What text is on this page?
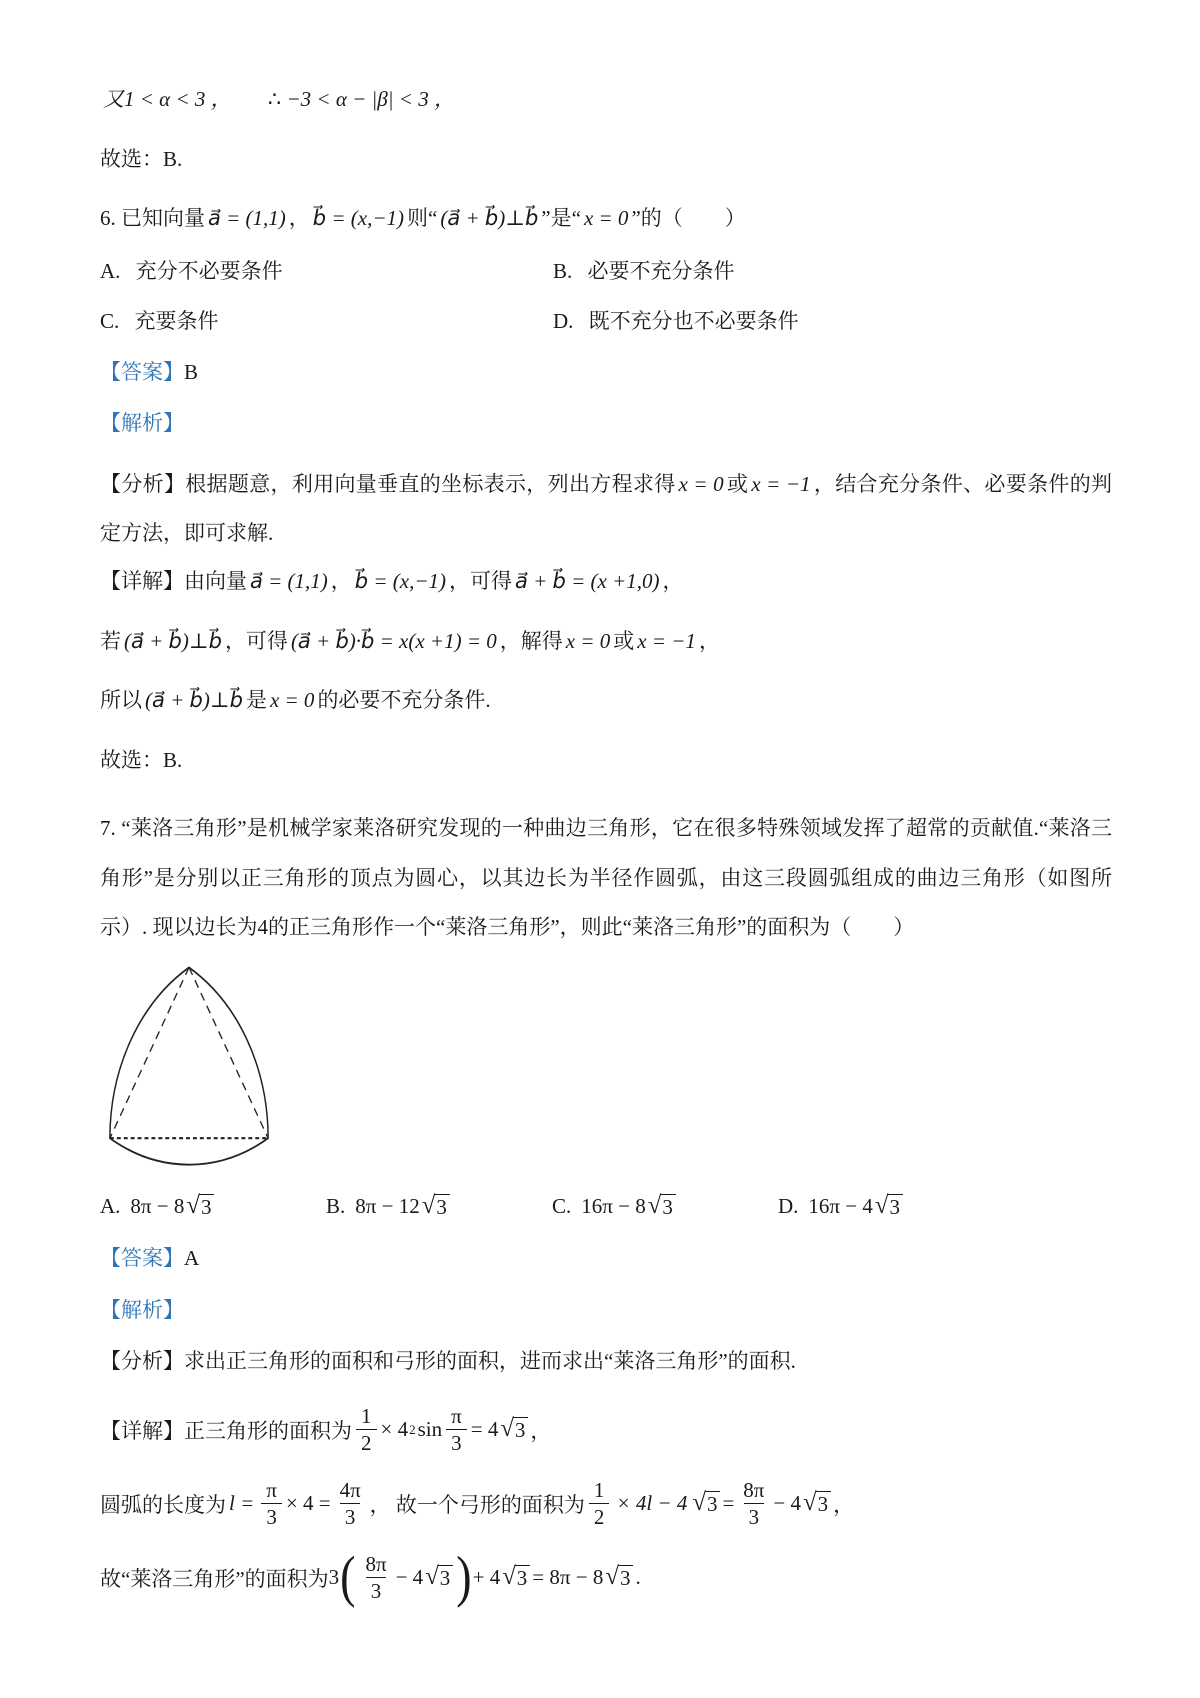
又1 < α < 3 ， ∴ −3 < α − |β| < 3 ，
故选：B.
6. 已知向量 a⃗ = (1,1) ， b⃗ = (x,−1) 则“ (a⃗ + b⃗)⊥b⃗ ”是“ x = 0 ”的（　　）
A. 充分不必要条件	B. 必要不充分条件
C. 充要条件	D. 既不充分也不必要条件
【答案】B
【解析】
【分析】根据题意，利用向量垂直的坐标表示，列出方程求得 x = 0 或 x = −1 ，结合充分条件、必要条件的判定方法，即可求解.
【详解】由向量 a⃗ = (1,1) ， b⃗ = (x,−1) ，可得 a⃗ + b⃗ = (x +1,0) ，
若 (a⃗ + b⃗)⊥b⃗ ，可得 (a⃗ + b⃗)·b⃗ = x(x +1) = 0 ，解得 x = 0 或 x = −1 ，
所以 (a⃗ + b⃗)⊥b⃗ 是 x = 0 的必要不充分条件.
故选：B.
7. “莱洛三角形”是机械学家莱洛研究发现的一种曲边三角形，它在很多特殊领域发挥了超常的贡献值.“莱洛三角形”是分别以正三角形的顶点为圆心，以其边长为半径作圆弧，由这三段圆弧组成的曲边三角形（如图所示）. 现以边长为4的正三角形作一个“莱洛三角形”，则此“莱洛三角形”的面积为（　　）
A. 8π − 8 √ 3	B. 8π − 12 √ 3	C. 16π − 8 √ 3	D. 16π − 4 √ 3
【答案】A
【解析】
【分析】求出正三角形的面积和弓形的面积，进而求出“莱洛三角形”的面积.
【详解】 正三角形的面积为 $\frac{1}{2} \times 4$ 2 $\sin \frac{\pi}{3} = 4$ √ 3 ，
圆弧的长度为 $l = \frac{\pi}{3} \times 4 = \frac{4\pi}{3}$ ， 故一个弓形的面积为 $\frac{1}{2} \times 4l - 4$ √ $3 = \frac{8\pi}{3} - 4$ √ 3 ，
故“莱洛三角形”的面积为 3 ( $\frac{8\pi}{3} - 4$ √ 3 ) + 4 √ 3 = 8π − 8 √ 3 .
